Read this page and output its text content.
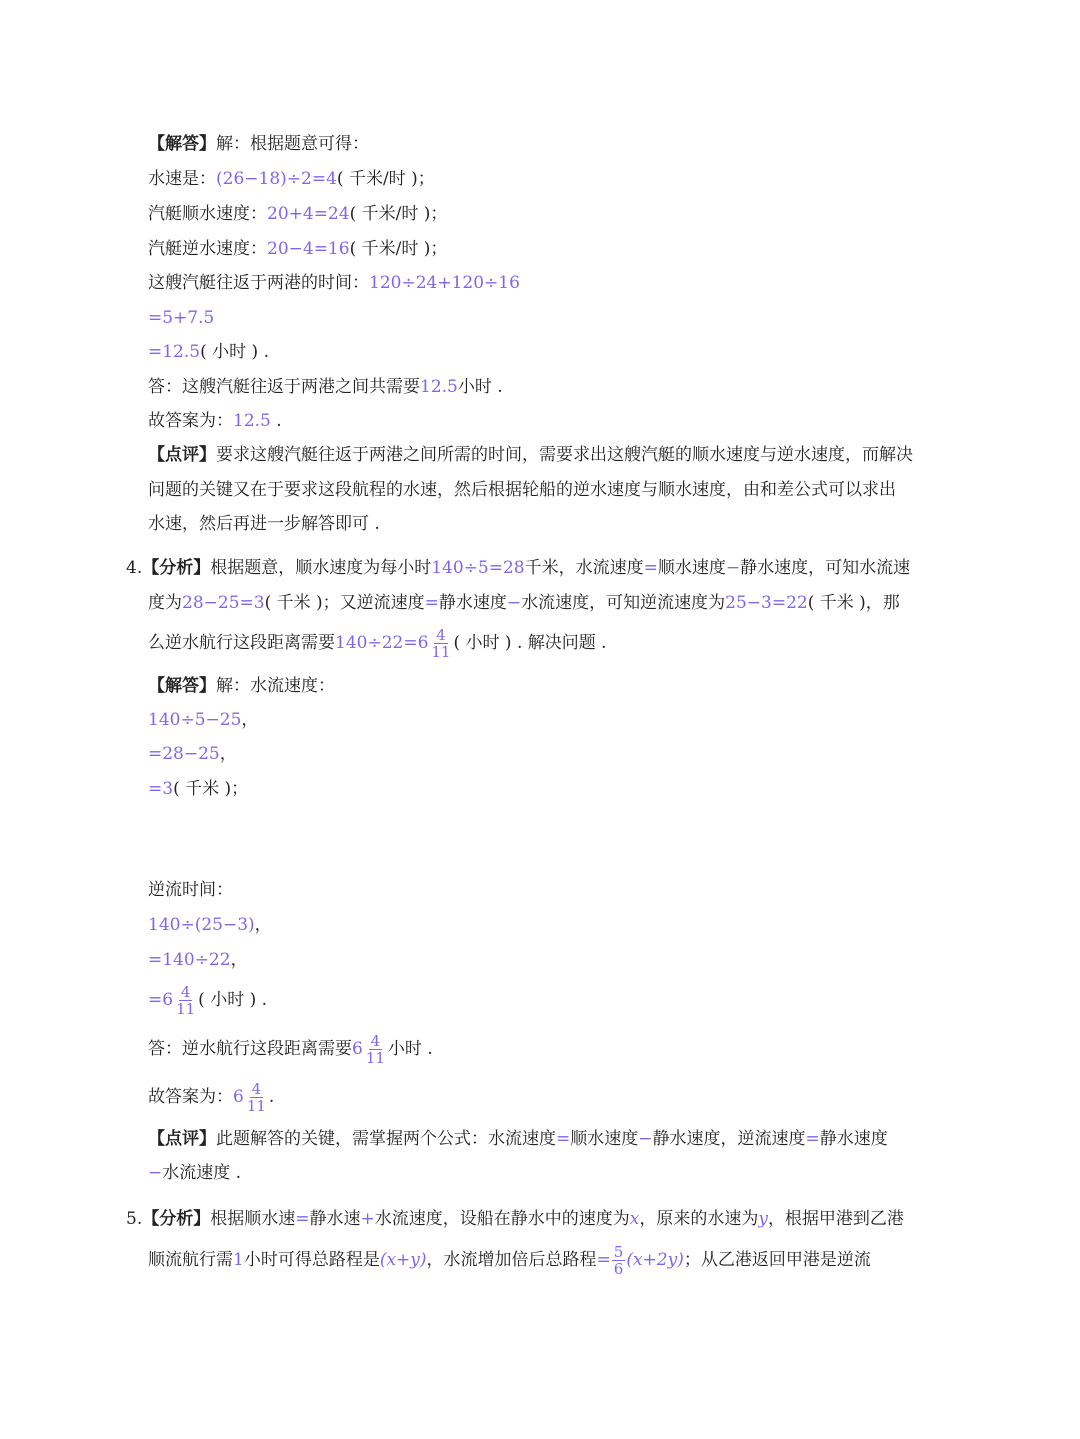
【解答】解：根据题意可得：
水速是：(26−18)÷2=4( 千米/时 )；
汽艇顺水速度：20+4=24( 千米/时 )；
汽艇逆水速度：20−4=16( 千米/时 )；
这艘汽艇往返于两港的时间：120÷24+120÷16
=5+7.5
=12.5( 小时 ) .
答：这艘汽艇往返于两港之间共需要12.5小时 .
故答案为：12.5 .
【点评】要求这艘汽艇往返于两港之间所需的时间，需要求出这艘汽艇的顺水速度与逆水速度，而解决
问题的关键又在于要求这段航程的水速，然后根据轮船的逆水速度与顺水速度，由和差公式可以求出
水速，然后再进一步解答即可 .
4.【分析】根据题意，顺水速度为每小时140÷5=28千米，水流速度=顺水速度−静水速度，可知水流速
度为28−25=3( 千米 )；又逆流速度=静水速度−水流速度，可知逆流速度为25−3=22( 千米 )，那
么逆水航行这段距离需要 $140\div 22=6 \frac{4}{11}$ ( 小时 ) . 解决问题 .
【解答】解：水流速度：
140÷5−25，
=28−25，
=3( 千米 )；
逆流时间：
140÷(25−3)，
=140÷22，
$=6 \frac{4}{11}$ ( 小时 ) .
答：逆水航行这段距离需要 $6 \frac{4}{11}$ 小时 .
故答案为： $6 \frac{4}{11}$ .
【点评】此题解答的关键，需掌握两个公式：水流速度=顺水速度−静水速度，逆流速度=静水速度
−水流速度 .
5.【分析】根据顺水速=静水速+水流速度，设船在静水中的速度为x，原来的水速为y，根据甲港到乙港
顺流航行需 1 小时可得总路程是 (x+y) ，水流增加倍后总路程 = $\frac{5}{6} (x+2y)$ ；从乙港返回甲港是逆流
